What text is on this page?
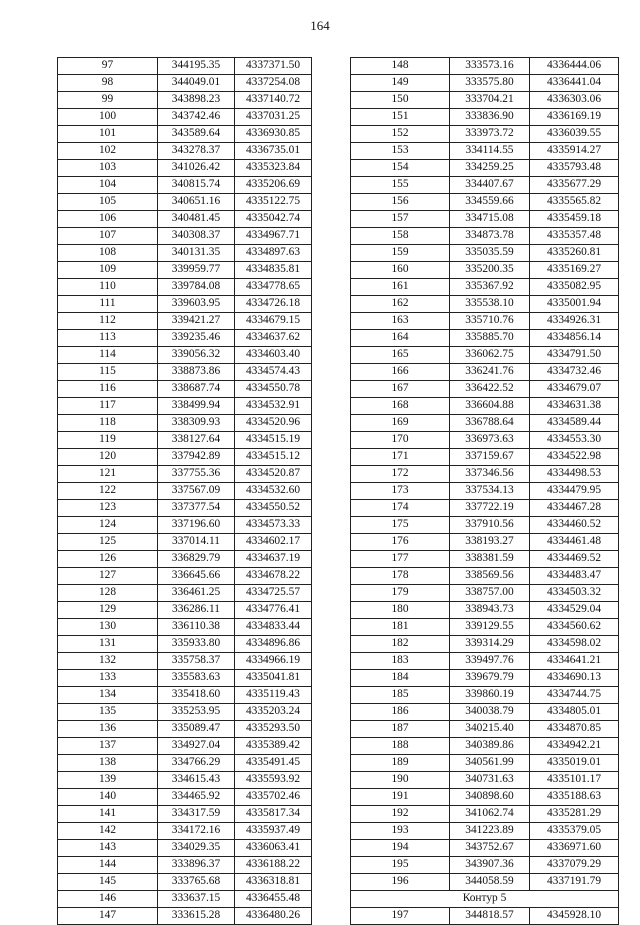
164
97	344195.35	4337371.50
98	344049.01	4337254.08
99	343898.23	4337140.72
100	343742.46	4337031.25
101	343589.64	4336930.85
102	343278.37	4336735.01
103	341026.42	4335323.84
104	340815.74	4335206.69
105	340651.16	4335122.75
106	340481.45	4335042.74
107	340308.37	4334967.71
108	340131.35	4334897.63
109	339959.77	4334835.81
110	339784.08	4334778.65
111	339603.95	4334726.18
112	339421.27	4334679.15
113	339235.46	4334637.62
114	339056.32	4334603.40
115	338873.86	4334574.43
116	338687.74	4334550.78
117	338499.94	4334532.91
118	338309.93	4334520.96
119	338127.64	4334515.19
120	337942.89	4334515.12
121	337755.36	4334520.87
122	337567.09	4334532.60
123	337377.54	4334550.52
124	337196.60	4334573.33
125	337014.11	4334602.17
126	336829.79	4334637.19
127	336645.66	4334678.22
128	336461.25	4334725.57
129	336286.11	4334776.41
130	336110.38	4334833.44
131	335933.80	4334896.86
132	335758.37	4334966.19
133	335583.63	4335041.81
134	335418.60	4335119.43
135	335253.95	4335203.24
136	335089.47	4335293.50
137	334927.04	4335389.42
138	334766.29	4335491.45
139	334615.43	4335593.92
140	334465.92	4335702.46
141	334317.59	4335817.34
142	334172.16	4335937.49
143	334029.35	4336063.41
144	333896.37	4336188.22
145	333765.68	4336318.81
146	333637.15	4336455.48
147	333615.28	4336480.26
148	333573.16	4336444.06
149	333575.80	4336441.04
150	333704.21	4336303.06
151	333836.90	4336169.19
152	333973.72	4336039.55
153	334114.55	4335914.27
154	334259.25	4335793.48
155	334407.67	4335677.29
156	334559.66	4335565.82
157	334715.08	4335459.18
158	334873.78	4335357.48
159	335035.59	4335260.81
160	335200.35	4335169.27
161	335367.92	4335082.95
162	335538.10	4335001.94
163	335710.76	4334926.31
164	335885.70	4334856.14
165	336062.75	4334791.50
166	336241.76	4334732.46
167	336422.52	4334679.07
168	336604.88	4334631.38
169	336788.64	4334589.44
170	336973.63	4334553.30
171	337159.67	4334522.98
172	337346.56	4334498.53
173	337534.13	4334479.95
174	337722.19	4334467.28
175	337910.56	4334460.52
176	338193.27	4334461.48
177	338381.59	4334469.52
178	338569.56	4334483.47
179	338757.00	4334503.32
180	338943.73	4334529.04
181	339129.55	4334560.62
182	339314.29	4334598.02
183	339497.76	4334641.21
184	339679.79	4334690.13
185	339860.19	4334744.75
186	340038.79	4334805.01
187	340215.40	4334870.85
188	340389.86	4334942.21
189	340561.99	4335019.01
190	340731.63	4335101.17
191	340898.60	4335188.63
192	341062.74	4335281.29
193	341223.89	4335379.05
194	343752.67	4336971.60
195	343907.36	4337079.29
196	344058.59	4337191.79
Контур 5		
197	344818.57	4345928.10
